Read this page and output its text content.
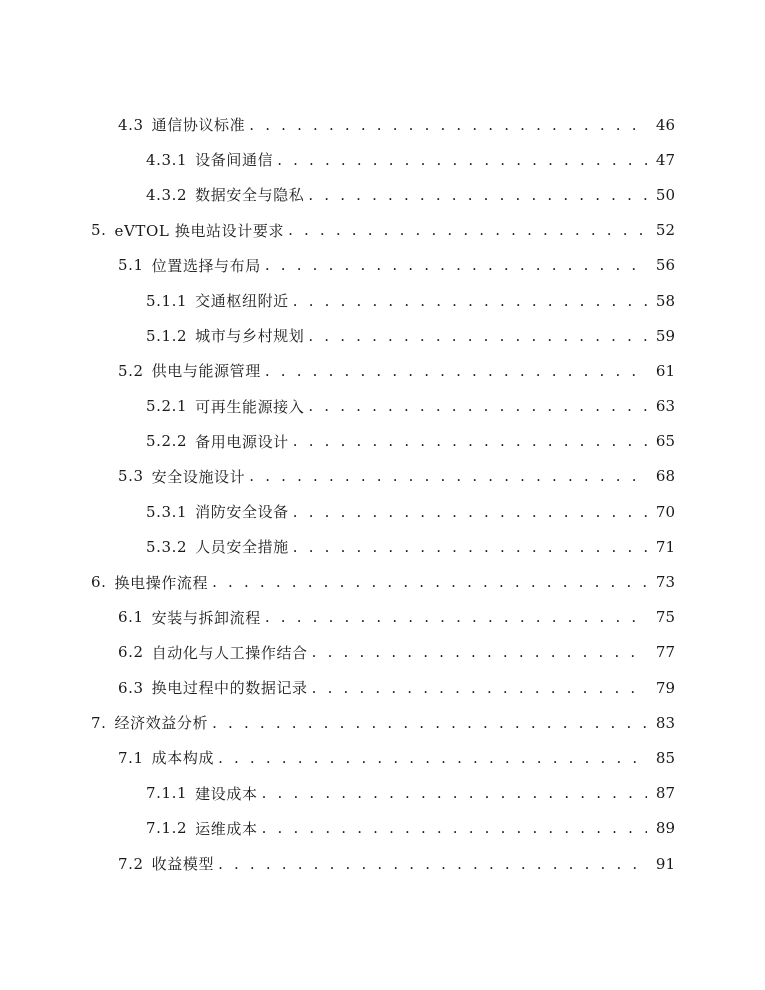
4.3 通信协议标准 . . .	46
4.3.1 设备间通信 . . .	47
4.3.2 数据安全与隐私 . . .	50
5. eVTOL 换电站设计要求 . . .	52
5.1 位置选择与布局 . . .	56
5.1.1 交通枢纽附近 . . .	58
5.1.2 城市与乡村规划 . . .	59
5.2 供电与能源管理 . . .	61
5.2.1 可再生能源接入 . . .	63
5.2.2 备用电源设计 . . .	65
5.3 安全设施设计 . . .	68
5.3.1 消防安全设备 . . .	70
5.3.2 人员安全措施 . . .	71
6. 换电操作流程 . . .	73
6.1 安装与拆卸流程 . . .	75
6.2 自动化与人工操作结合 . . .	77
6.3 换电过程中的数据记录 . . .	79
7. 经济效益分析 . . .	83
7.1 成本构成 . . .	85
7.1.1 建设成本 . . .	87
7.1.2 运维成本 . . .	89
7.2 收益模型 . . .	91
